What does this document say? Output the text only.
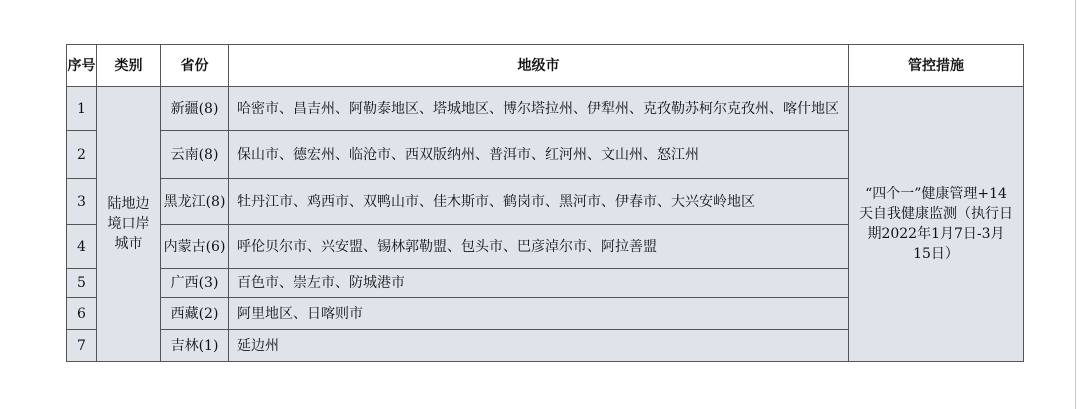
序号	类别	省份	地级市	管控措施
1	陆地边境口岸城市	新疆(8)	哈密市、昌吉州、阿勒泰地区、塔城地区、博尔塔拉州、伊犁州、克孜勒苏柯尔克孜州、喀什地区	“四个一”健康管理+14天自我健康监测（执行日期2022年1月7日-3月15日）
2		云南(8)	保山市、德宏州、临沧市、西双版纳州、普洱市、红河州、文山州、怒江州	
3		黑龙江(8)	牡丹江市、鸡西市、双鸭山市、佳木斯市、鹤岗市、黑河市、伊春市、大兴安岭地区	
4		内蒙古(6)	呼伦贝尔市、兴安盟、锡林郭勒盟、包头市、巴彦淖尔市、阿拉善盟	
5		广西(3)	百色市、崇左市、防城港市	
6		西藏(2)	阿里地区、日喀则市	
7		吉林(1)	延边州	
